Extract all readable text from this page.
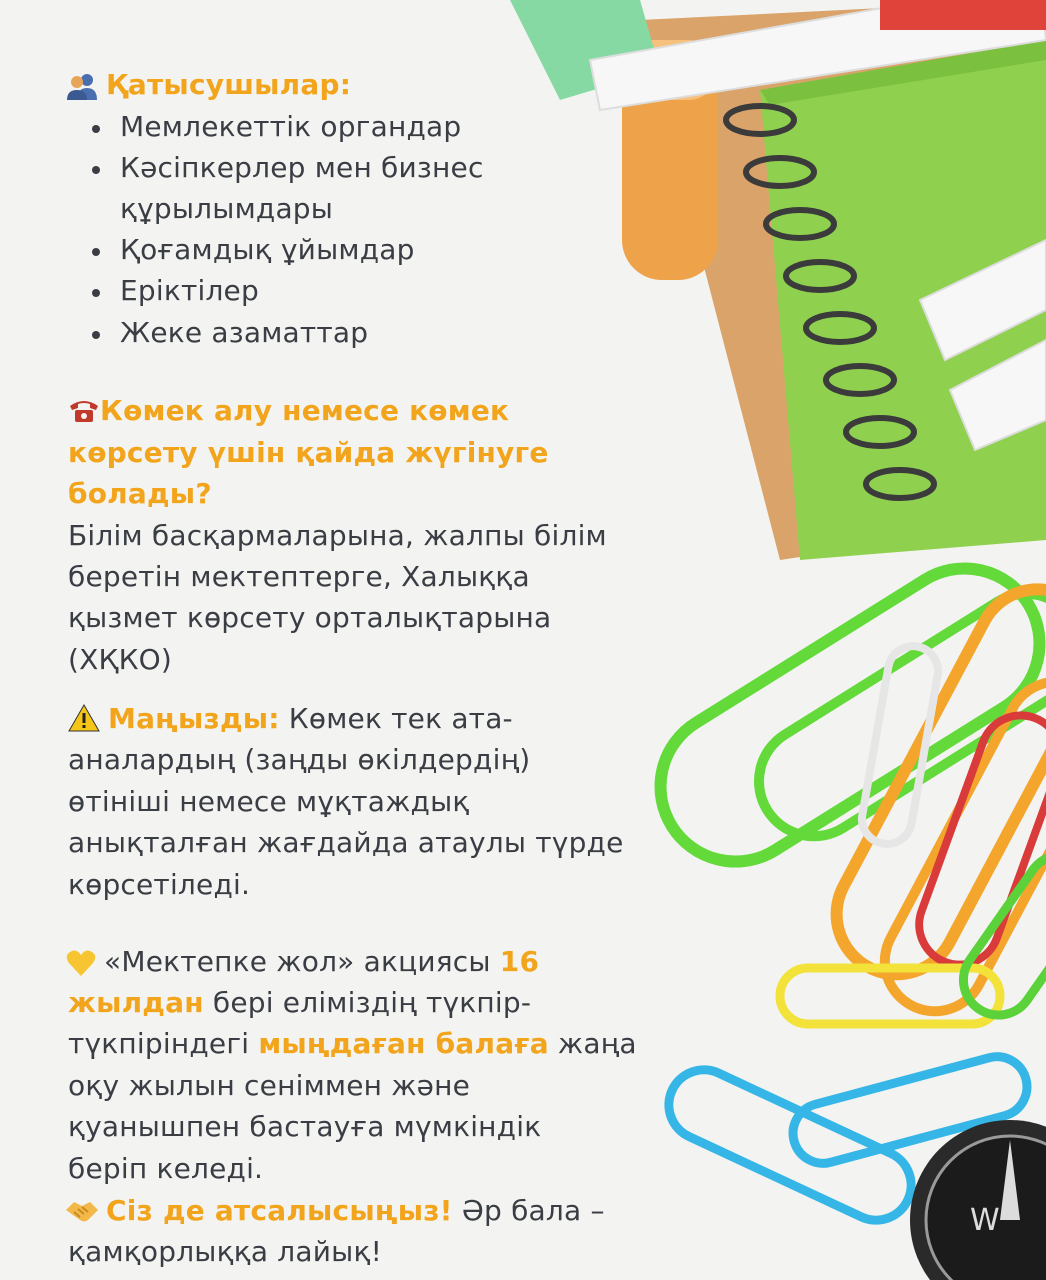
W
Қатысушылар:
Мемлекеттік органдар
Кәсіпкерлер мен бизнес
құрылымдары
Қоғамдық ұйымдар
Еріктілер
Жеке азаматтар
Көмек алу немесе көмек
көрсету үшін қайда жүгінуге
болады?
Білім басқармаларына, жалпы білім
беретін мектептерге, Халыққа
қызмет көрсету орталықтарына
(ХҚКО)
Маңызды: Көмек тек ата-
аналардың (заңды өкілдердің)
өтініші немесе мұқтаждық
анықталған жағдайда атаулы түрде
көрсетіледі.
«Мектепке жол» акциясы 16
жылдан бері еліміздің түкпір-
түкпіріндегі мыңдаған балаға жаңа
оқу жылын сеніммен және
қуанышпен бастауға мүмкіндік
беріп келеді.
Сіз де атсалысыңыз! Әр бала –
қамқорлыққа лайық!
